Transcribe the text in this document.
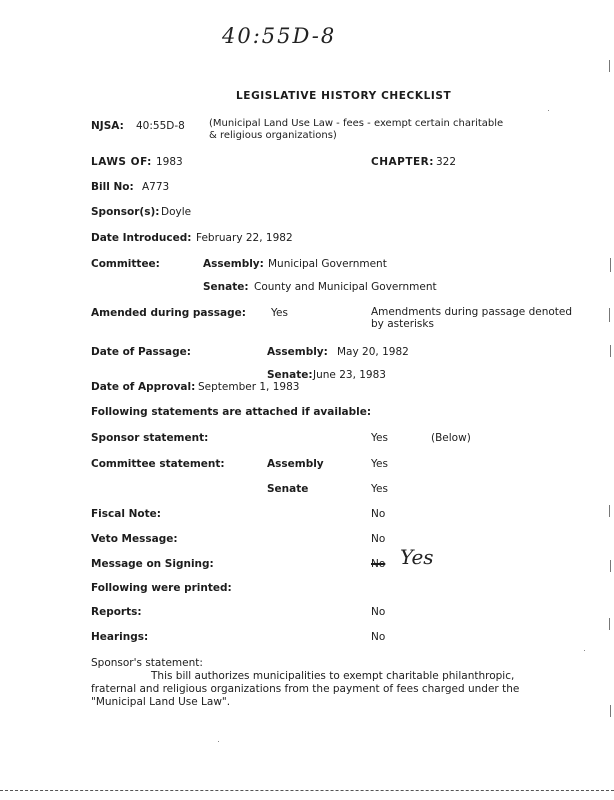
40:55D-8
LEGISLATIVE HISTORY CHECKLIST
NJSA: 40:55D-8 (Municipal Land Use Law - fees - exempt certain charitable
& religious organizations)
LAWS OF: 1983	CHAPTER: 322
Bill No: A773
Sponsor(s): Doyle
Date Introduced: February 22, 1982
Committee:	Assembly: Municipal Government
Senate: County and Municipal Government
Amended during passage: Yes	Amendments during passage denoted
by asterisks
Date of Passage:	Assembly: May 20, 1982
Senate: June 23, 1983
Date of Approval: September 1, 1983
Following statements are attached if available:
Sponsor statement:	Yes	(Below)
Committee statement:	Assembly	Yes
Senate	Yes
Fiscal Note:	No
Veto Message:	No
Message on Signing:	No Yes
Following were printed:
Reports:	No
Hearings:	No
Sponsor's statement:
This bill authorizes municipalities to exempt charitable philanthropic,
fraternal and religious organizations from the payment of fees charged under the
"Municipal Land Use Law".
